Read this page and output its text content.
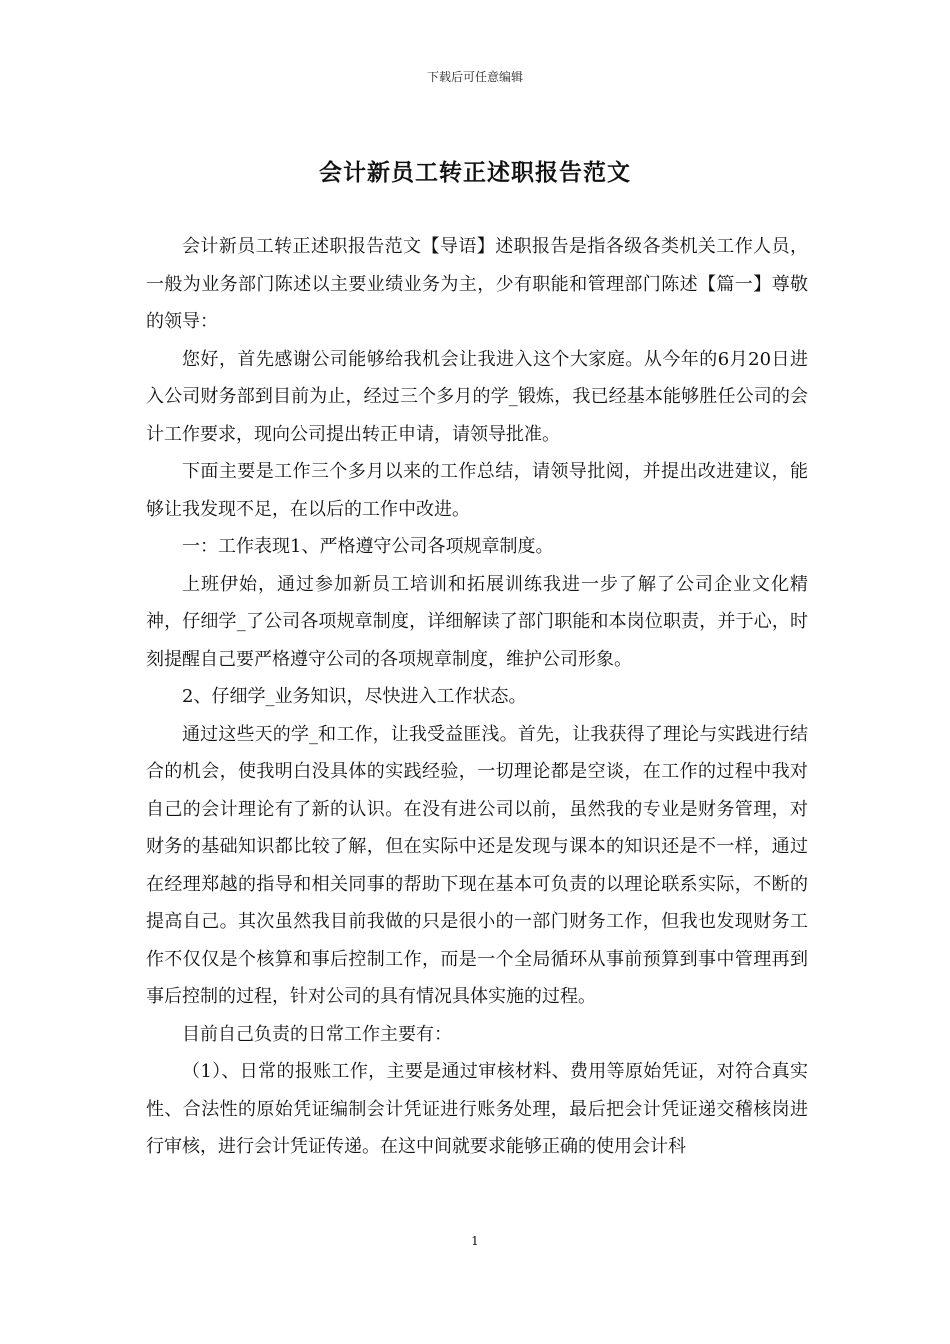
下载后可任意编辑
会计新员工转正述职报告范文

会计新员工转正述职报告范文【导语】述职报告是指各级各类机关工作人员，一般为业务部门陈述以主要业绩业务为主，少有职能和管理部门陈述【篇一】尊敬的领导：

您好，首先感谢公司能够给我机会让我进入这个大家庭。从今年的6月20日进入公司财务部到目前为止，经过三个多月的学_锻炼，我已经基本能够胜任公司的会计工作要求，现向公司提出转正申请，请领导批准。

下面主要是工作三个多月以来的工作总结，请领导批阅，并提出改进建议，能够让我发现不足，在以后的工作中改进。

一：工作表现1、严格遵守公司各项规章制度。

上班伊始，通过参加新员工培训和拓展训练我进一步了解了公司企业文化精神，仔细学_了公司各项规章制度，详细解读了部门职能和本岗位职责，并于心，时刻提醒自己要严格遵守公司的各项规章制度，维护公司形象。

2、仔细学_业务知识，尽快进入工作状态。

通过这些天的学_和工作，让我受益匪浅。首先，让我获得了理论与实践进行结合的机会，使我明白没具体的实践经验，一切理论都是空谈，在工作的过程中我对自己的会计理论有了新的认识。在没有进公司以前，虽然我的专业是财务管理，对财务的基础知识都比较了解，但在实际中还是发现与课本的知识还是不一样，通过在经理郑越的指导和相关同事的帮助下现在基本可负责的以理论联系实际，不断的提高自己。其次虽然我目前我做的只是很小的一部门财务工作，但我也发现财务工作不仅仅是个核算和事后控制工作，而是一个全局循环从事前预算到事中管理再到事后控制的过程，针对公司的具有情况具体实施的过程。

目前自己负责的日常工作主要有：

（1）、日常的报账工作，主要是通过审核材料、费用等原始凭证，对符合真实性、合法性的原始凭证编制会计凭证进行账务处理，最后把会计凭证递交稽核岗进行审核，进行会计凭证传递。在这中间就要求能够正确的使用会计科

1
